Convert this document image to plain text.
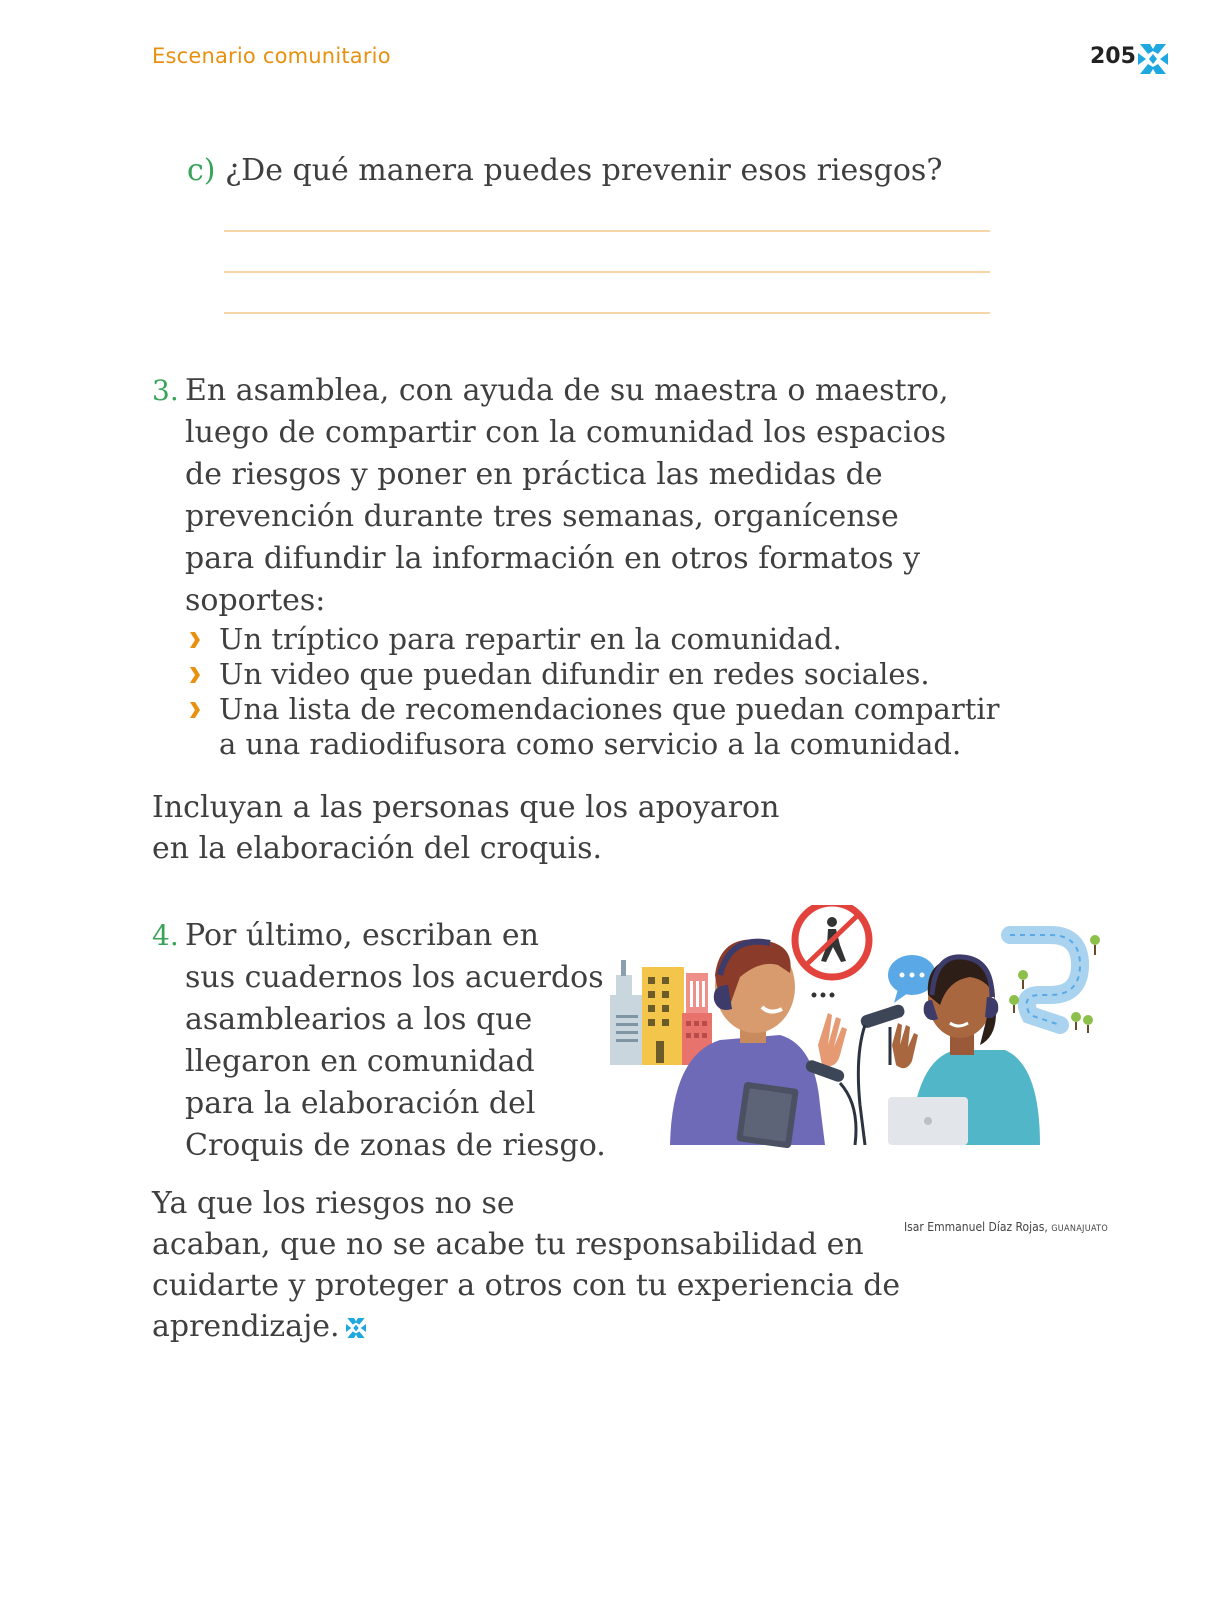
Escenario comunitario	205
c) ¿De qué manera puedes prevenir esos riesgos?
3. En asamblea, con ayuda de su maestra o maestro,
luego de compartir con la comunidad los espacios
de riesgos y poner en práctica las medidas de
prevención durante tres semanas, organícense
para difundir la información en otros formatos y
soportes:
Un tríptico para repartir en la comunidad.
Un video que puedan difundir en redes sociales.
Una lista de recomendaciones que puedan compartir
a una radiodifusora como servicio a la comunidad.
Incluyan a las personas que los apoyaron
en la elaboración del croquis.
4. Por último, escriban en
sus cuadernos los acuerdos
asamblearios a los que
llegaron en comunidad
para la elaboración del
Croquis de zonas de riesgo.
Isar Emmanuel Díaz Rojas, GUANAJUATO
Ya que los riesgos no se
acaban, que no se acabe tu responsabilidad en
cuidarte y proteger a otros con tu experiencia de
aprendizaje.
